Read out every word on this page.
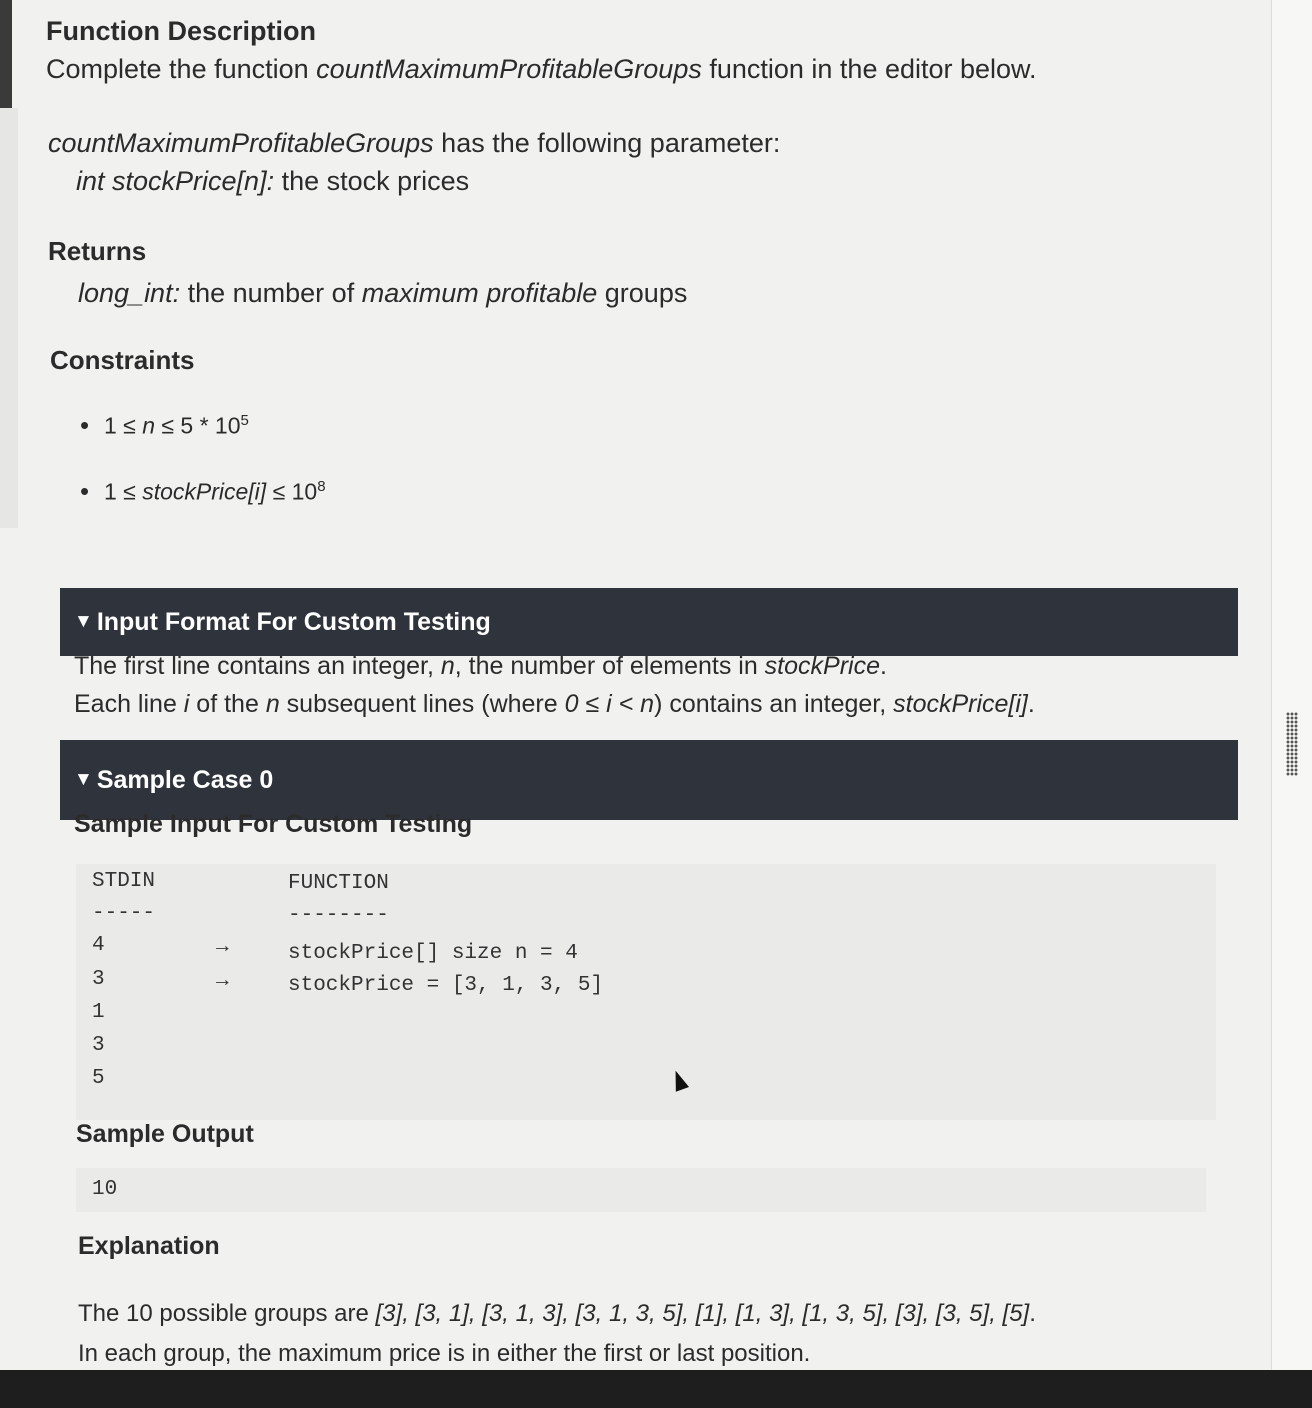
Function Description
Complete the function countMaximumProfitableGroups function in the editor below.
countMaximumProfitableGroups has the following parameter:
int stockPrice[n]: the stock prices
Returns
long_int: the number of maximum profitable groups
Constraints
• $1 \le n \le 5 * 10^5$
• 1 ≤ stockPrice[i] ≤ $10^8$
▼ Input Format For Custom Testing
The first line contains an integer, n, the number of elements in stockPrice.
Each line i of the n subsequent lines (where 0 ≤ i < n) contains an integer, stockPrice[i].
▼ Sample Case 0
Sample Input For Custom Testing
STDIN
-----
FUNCTION
--------
4
3
1
3
5
→
→
stockPrice[] size n = 4
stockPrice = [3, 1, 3, 5]
Sample Output
10
Explanation
The 10 possible groups are [3], [3, 1], [3, 1, 3], [3, 1, 3, 5], [1], [1, 3], [1, 3, 5], [3], [3, 5], [5].
In each group, the maximum price is in either the first or last position.
